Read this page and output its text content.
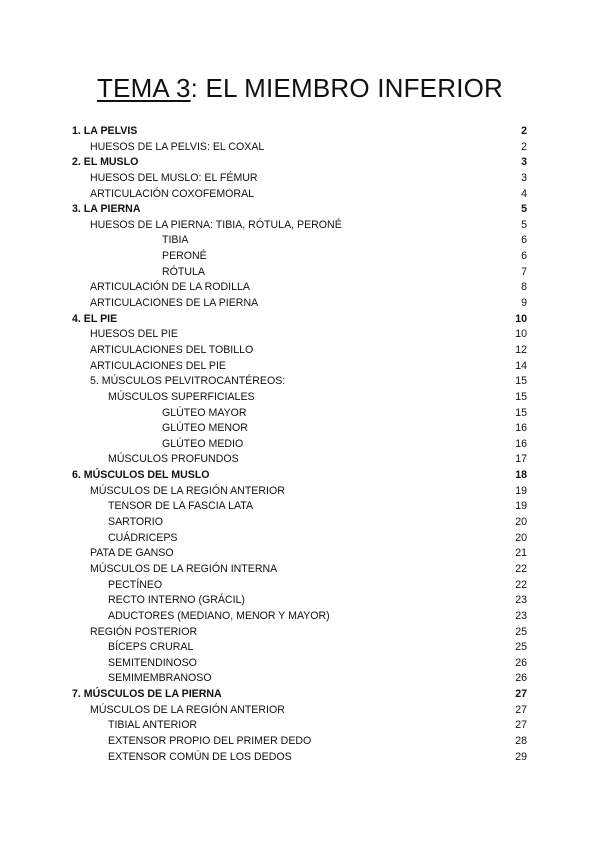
TEMA 3: EL MIEMBRO INFERIOR
1. LA PELVIS	2
HUESOS DE LA PELVIS: EL COXAL	2
2. EL MUSLO	3
HUESOS DEL MUSLO: EL FÉMUR	3
ARTICULACIÓN COXOFEMORAL	4
3. LA PIERNA	5
HUESOS DE LA PIERNA: TIBIA, RÓTULA, PERONÉ	5
TIBIA	6
PERONÉ	6
RÓTULA	7
ARTICULACIÓN DE LA RODILLA	8
ARTICULACIONES DE LA PIERNA	9
4. EL PIE	10
HUESOS DEL PIE	10
ARTICULACIONES DEL TOBILLO	12
ARTICULACIONES DEL PIE	14
5. MÚSCULOS PELVITROCANTÉREOS:	15
MÚSCULOS SUPERFICIALES	15
GLÚTEO MAYOR	15
GLÚTEO MENOR	16
GLÚTEO MEDIO	16
MÚSCULOS PROFUNDOS	17
6. MÚSCULOS DEL MUSLO	18
MÚSCULOS DE LA REGIÓN ANTERIOR	19
TENSOR DE LA FASCIA LATA	19
SARTORIO	20
CUÁDRICEPS	20
PATA DE GANSO	21
MÚSCULOS DE LA REGIÓN INTERNA	22
PECTÍNEO	22
RECTO INTERNO (GRÁCIL)	23
ADUCTORES (MEDIANO, MENOR Y MAYOR)	23
REGIÓN POSTERIOR	25
BÍCEPS CRURAL	25
SEMITENDINOSO	26
SEMIMEMBRANOSO	26
7. MÚSCULOS DE LA PIERNA	27
MÚSCULOS DE LA REGIÓN ANTERIOR	27
TIBIAL ANTERIOR	27
EXTENSOR PROPIO DEL PRIMER DEDO	28
EXTENSOR COMÚN DE LOS DEDOS	29
